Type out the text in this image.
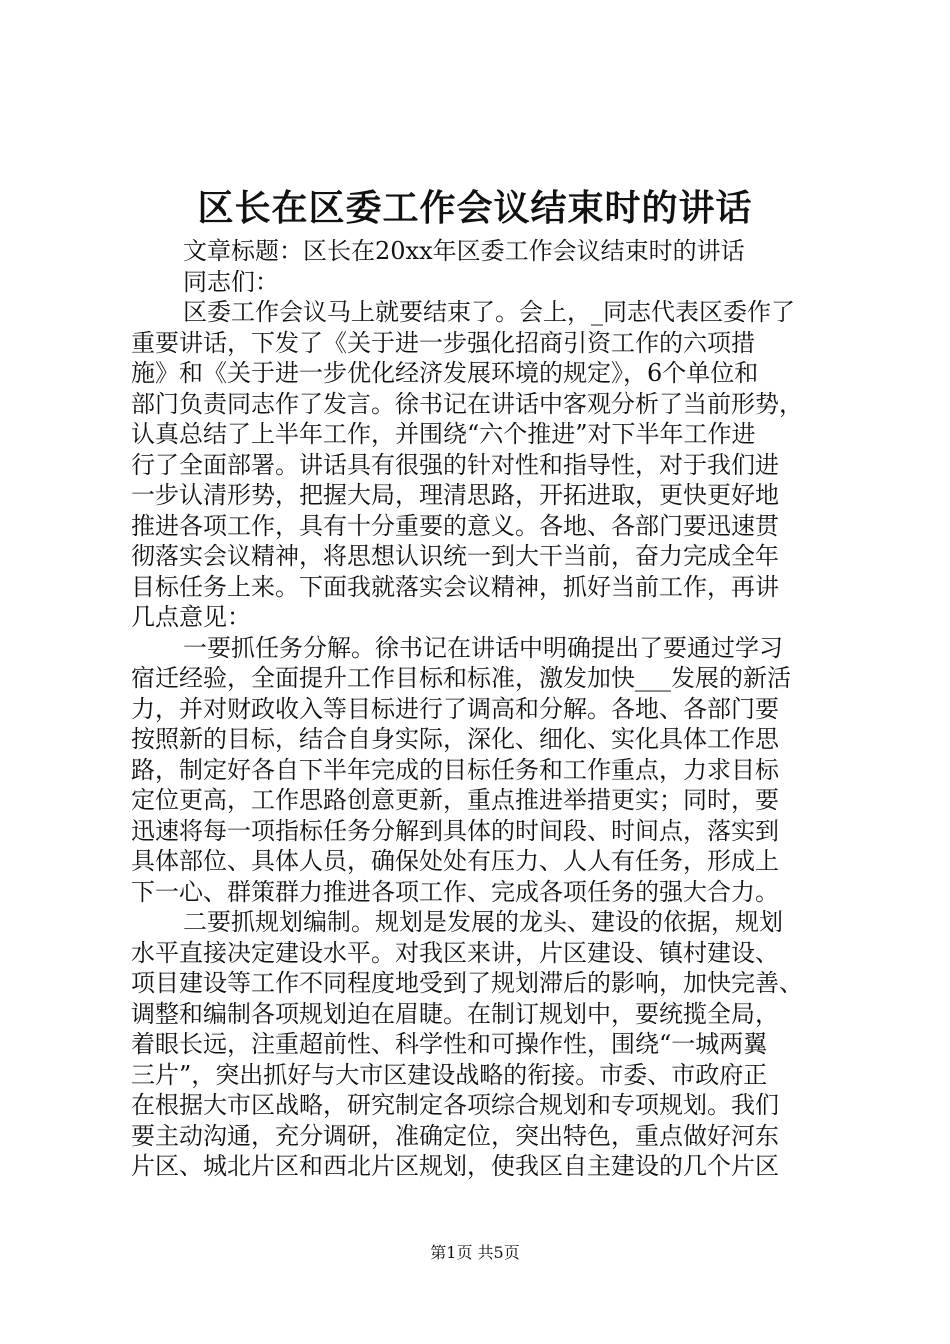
区长在区委工作会议结束时的讲话
文章标题：区长在20xx年区委工作会议结束时的讲话
同志们：
区委工作会议马上就要结束了。会上，_同志代表区委作了
重要讲话，下发了《关于进一步强化招商引资工作的六项措
施》和《关于进一步优化经济发展环境的规定》，6个单位和
部门负责同志作了发言。徐书记在讲话中客观分析了当前形势，
认真总结了上半年工作，并围绕“六个推进”对下半年工作进
行了全面部署。讲话具有很强的针对性和指导性，对于我们进
一步认清形势，把握大局，理清思路，开拓进取，更快更好地
推进各项工作，具有十分重要的意义。各地、各部门要迅速贯
彻落实会议精神，将思想认识统一到大干当前，奋力完成全年
目标任务上来。下面我就落实会议精神，抓好当前工作，再讲
几点意见：
一要抓任务分解。徐书记在讲话中明确提出了要通过学习
宿迁经验，全面提升工作目标和标准，激发加快___发展的新活
力，并对财政收入等目标进行了调高和分解。各地、各部门要
按照新的目标，结合自身实际，深化、细化、实化具体工作思
路，制定好各自下半年完成的目标任务和工作重点，力求目标
定位更高，工作思路创意更新，重点推进举措更实；同时，要
迅速将每一项指标任务分解到具体的时间段、时间点，落实到
具体部位、具体人员，确保处处有压力、人人有任务，形成上
下一心、群策群力推进各项工作、完成各项任务的强大合力。
二要抓规划编制。规划是发展的龙头、建设的依据，规划
水平直接决定建设水平。对我区来讲，片区建设、镇村建设、
项目建设等工作不同程度地受到了规划滞后的影响，加快完善、
调整和编制各项规划迫在眉睫。在制订规划中，要统揽全局，
着眼长远，注重超前性、科学性和可操作性，围绕“一城两翼
三片”，突出抓好与大市区建设战略的衔接。市委、市政府正
在根据大市区战略，研究制定各项综合规划和专项规划。我们
要主动沟通，充分调研，准确定位，突出特色，重点做好河东
片区、城北片区和西北片区规划，使我区自主建设的几个片区
第1页 共5页
